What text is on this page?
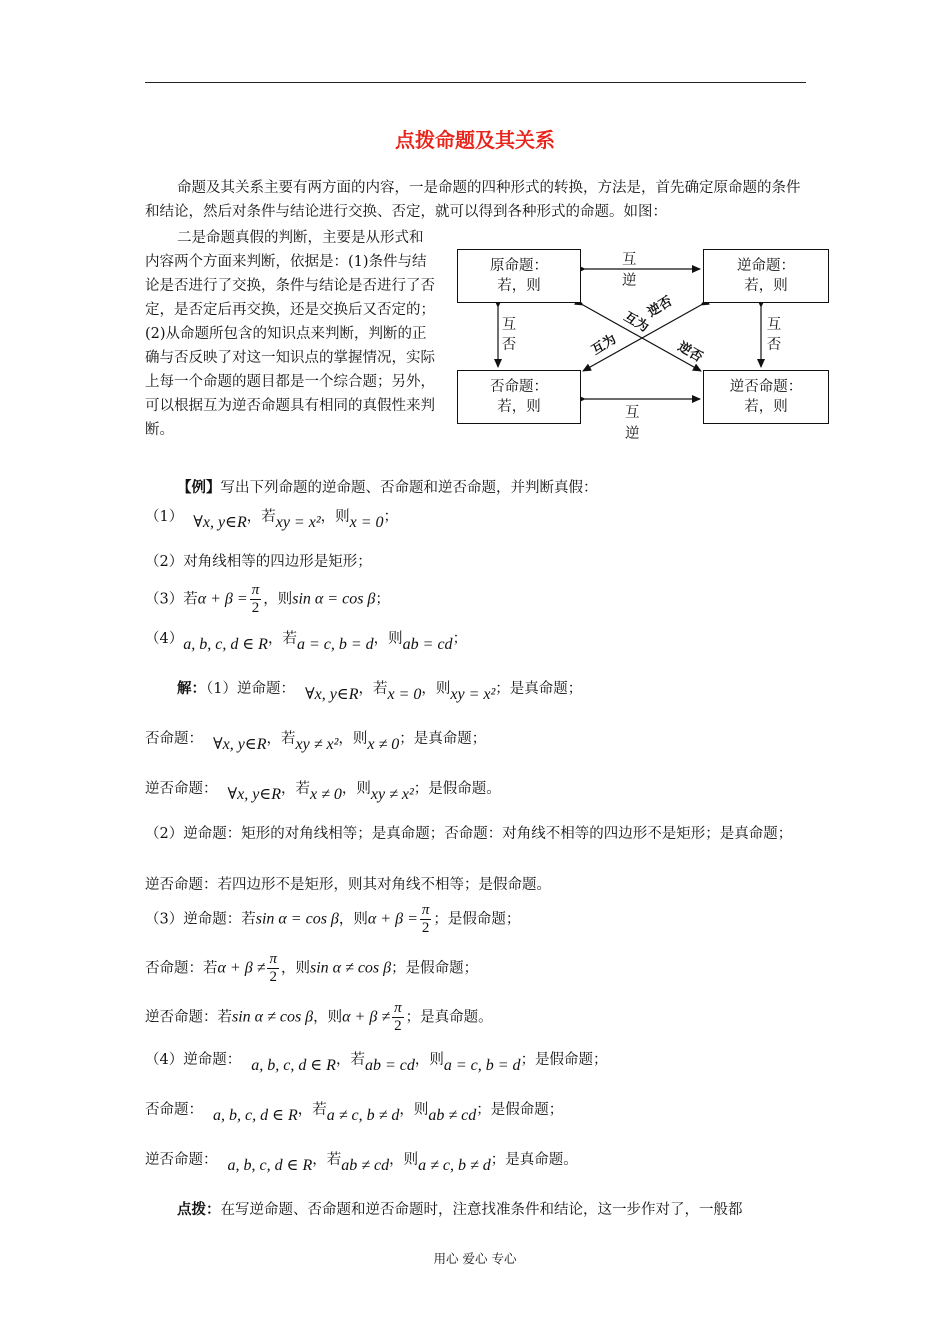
点拨命题及其关系
命题及其关系主要有两方面的内容，一是命题的四种形式的转换，方法是，首先确定原命题的条件和结论，然后对条件与结论进行交换、否定，就可以得到各种形式的命题。如图：
二是命题真假的判断，主要是从形式和内容两个方面来判断，依据是：(1)条件与结论是否进行了交换，条件与结论是否进行了否定，是否定后再交换，还是交换后又否定的；(2)从命题所包含的知识点来判断，判断的正确与否反映了对这一知识点的掌握情况，实际上每一个命题的题目都是一个综合题；另外，可以根据互为逆否命题具有相同的真假性来判断。
互为
逆否
互为	逆否
原命题：
若，则
逆命题：
若，则
否命题：
若，则
逆否命题：
若，则
互逆
互逆
互
否
互
否
【例】写出下列命题的逆命题、否命题和逆否命题，并判断真假：
（1） ∀x, y∈R，若xy = x²，则x = 0；
（2）对角线相等的四边形是矩形；
（3）若$\alpha + \beta = \frac{\pi}{2}$ ，则sin α = cos β；
（4）a, b, c, d ∈ R，若a = c, b = d，则ab = cd；
解：（1）逆命题： ∀x, y∈R，若x = 0，则xy = x²；是真命题；
否命题： ∀x, y∈R，若xy ≠ x²，则x ≠ 0；是真命题；
逆否命题： ∀x, y∈R，若x ≠ 0，则xy ≠ x²；是假命题。
（2）逆命题：矩形的对角线相等；是真命题；否命题：对角线不相等的四边形不是矩形；是真命题；
逆否命题：若四边形不是矩形，则其对角线不相等；是假命题。
（3）逆命题：若sin α = cos β，则$\alpha + \beta = \frac{\pi}{2}$ ；是假命题；
否命题：若$\alpha + \beta \ne \frac{\pi}{2}$ ，则sin α ≠ cos β；是假命题；
逆否命题：若sin α ≠ cos β，则$\alpha + \beta \ne \frac{\pi}{2}$ ；是真命题。
（4）逆命题： a, b, c, d ∈ R，若ab = cd，则a = c, b = d；是假命题；
否命题： a, b, c, d ∈ R，若a ≠ c, b ≠ d，则ab ≠ cd；是假命题；
逆否命题： a, b, c, d ∈ R，若ab ≠ cd，则a ≠ c, b ≠ d；是真命题。
点拨：在写逆命题、否命题和逆否命题时，注意找准条件和结论，这一步作对了，一般都
用心 爱心 专心
